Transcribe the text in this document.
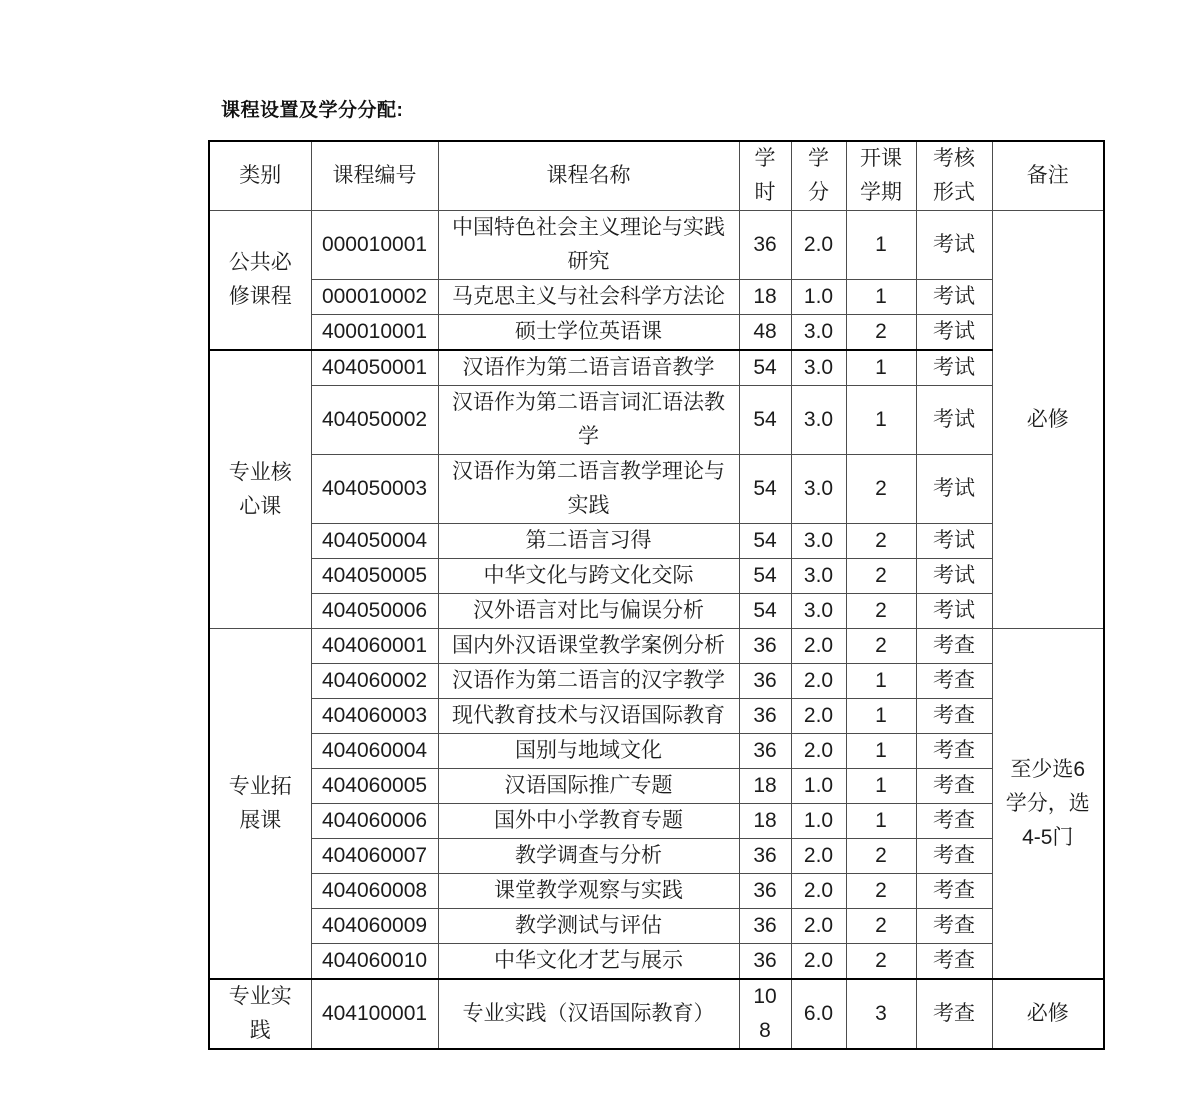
课程设置及学分分配:
类别	课程编号	课程名称	学时	学分	开课学期	考核形式	备注
公共必修课程	000010001	中国特色社会主义理论与实践研究	36	2.0	1	考试	必修
	000010002	马克思主义与社会科学方法论	18	1.0	1	考试	
	400010001	硕士学位英语课	48	3.0	2	考试	
专业核心课	404050001	汉语作为第二语言语音教学	54	3.0	1	考试	
	404050002	汉语作为第二语言词汇语法教学	54	3.0	1	考试	
	404050003	汉语作为第二语言教学理论与实践	54	3.0	2	考试	
	404050004	第二语言习得	54	3.0	2	考试	
	404050005	中华文化与跨文化交际	54	3.0	2	考试	
	404050006	汉外语言对比与偏误分析	54	3.0	2	考试	
专业拓展课	404060001	国内外汉语课堂教学案例分析	36	2.0	2	考查	至少选6学分，选4-5门
	404060002	汉语作为第二语言的汉字教学	36	2.0	1	考查	
	404060003	现代教育技术与汉语国际教育	36	2.0	1	考查	
	404060004	国别与地域文化	36	2.0	1	考查	
	404060005	汉语国际推广专题	18	1.0	1	考查	
	404060006	国外中小学教育专题	18	1.0	1	考查	
	404060007	教学调查与分析	36	2.0	2	考查	
	404060008	课堂教学观察与实践	36	2.0	2	考查	
	404060009	教学测试与评估	36	2.0	2	考查	
	404060010	中华文化才艺与展示	36	2.0	2	考查	
专业实践	404100001	专业实践（汉语国际教育）	108	6.0	3	考查	必修
